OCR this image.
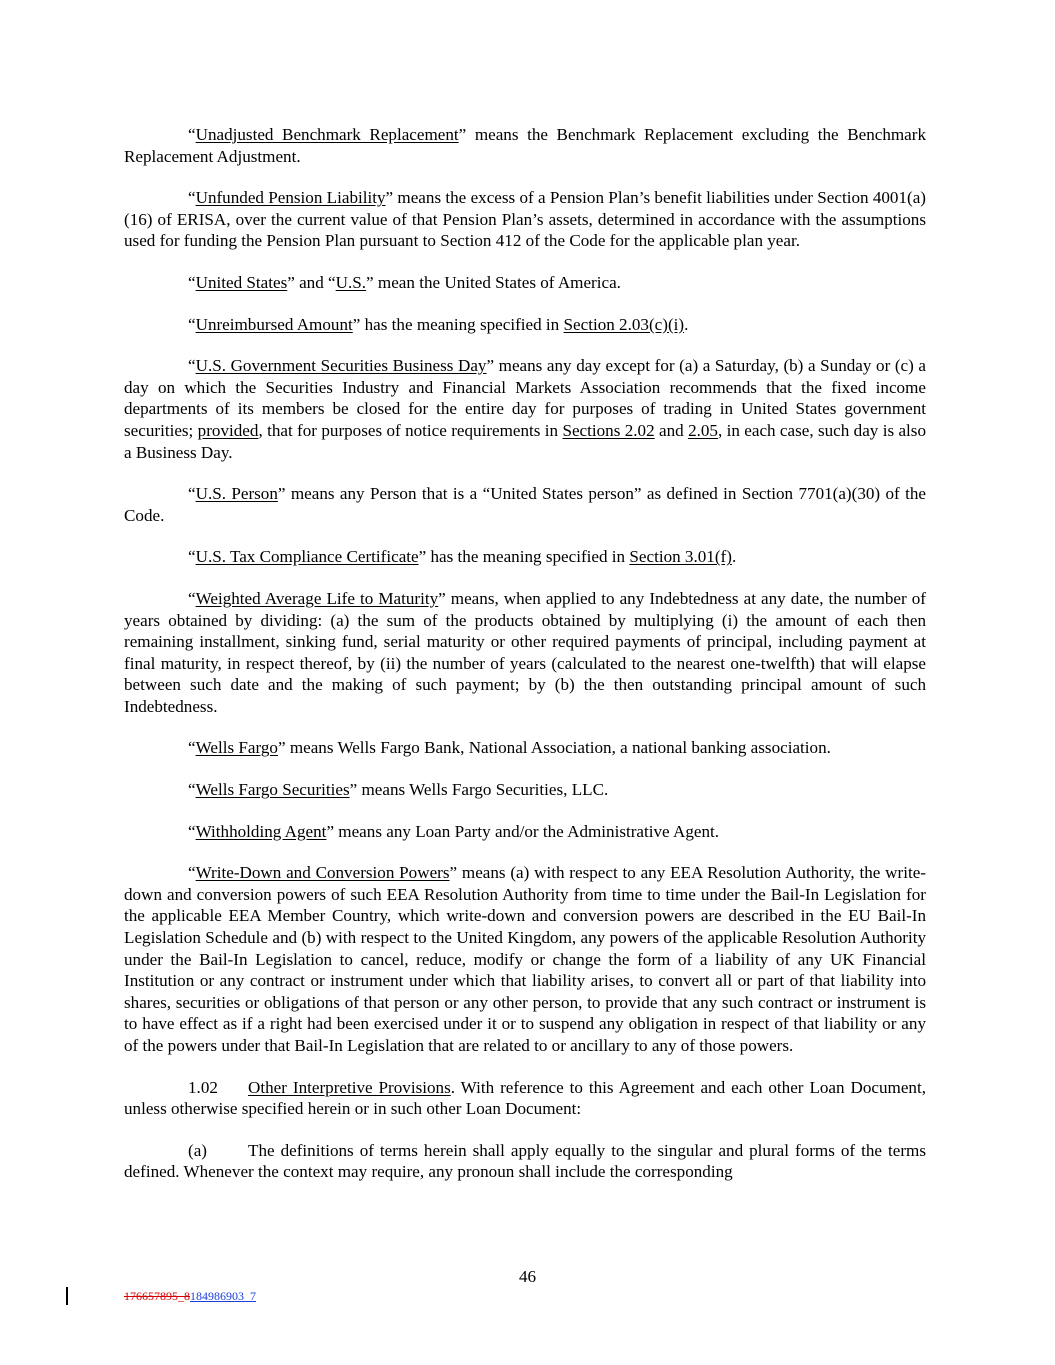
“Unadjusted Benchmark Replacement” means the Benchmark Replacement excluding the Benchmark Replacement Adjustment.

“Unfunded Pension Liability” means the excess of a Pension Plan’s benefit liabilities under Section 4001(a)(16) of ERISA, over the current value of that Pension Plan’s assets, determined in accordance with the assumptions used for funding the Pension Plan pursuant to Section 412 of the Code for the applicable plan year.

“United States” and “U.S.” mean the United States of America.

“Unreimbursed Amount” has the meaning specified in Section 2.03(c)(i).

“U.S. Government Securities Business Day” means any day except for (a) a Saturday, (b) a Sunday or (c) a day on which the Securities Industry and Financial Markets Association recommends that the fixed income departments of its members be closed for the entire day for purposes of trading in United States government securities; provided, that for purposes of notice requirements in Sections 2.02 and 2.05, in each case, such day is also a Business Day.

“U.S. Person” means any Person that is a “United States person” as defined in Section 7701(a)(30) of the Code.

“U.S. Tax Compliance Certificate” has the meaning specified in Section 3.01(f).

“Weighted Average Life to Maturity” means, when applied to any Indebtedness at any date, the number of years obtained by dividing: (a) the sum of the products obtained by multiplying (i) the amount of each then remaining installment, sinking fund, serial maturity or other required payments of principal, including payment at final maturity, in respect thereof, by (ii) the number of years (calculated to the nearest one-twelfth) that will elapse between such date and the making of such payment; by (b) the then outstanding principal amount of such Indebtedness.

“Wells Fargo” means Wells Fargo Bank, National Association, a national banking association.

“Wells Fargo Securities” means Wells Fargo Securities, LLC.

“Withholding Agent” means any Loan Party and/or the Administrative Agent.

“Write-Down and Conversion Powers” means (a) with respect to any EEA Resolution Authority, the write-down and conversion powers of such EEA Resolution Authority from time to time under the Bail-In Legislation for the applicable EEA Member Country, which write-down and conversion powers are described in the EU Bail-In Legislation Schedule and (b) with respect to the United Kingdom, any powers of the applicable Resolution Authority under the Bail-In Legislation to cancel, reduce, modify or change the form of a liability of any UK Financial Institution or any contract or instrument under which that liability arises, to convert all or part of that liability into shares, securities or obligations of that person or any other person, to provide that any such contract or instrument is to have effect as if a right had been exercised under it or to suspend any obligation in respect of that liability or any of the powers under that Bail-In Legislation that are related to or ancillary to any of those powers.

1.02 Other Interpretive Provisions. With reference to this Agreement and each other Loan Document, unless otherwise specified herein or in such other Loan Document:

(a) The definitions of terms herein shall apply equally to the singular and plural forms of the terms defined. Whenever the context may require, any pronoun shall include the corresponding

46
176657895_8184986903_7
